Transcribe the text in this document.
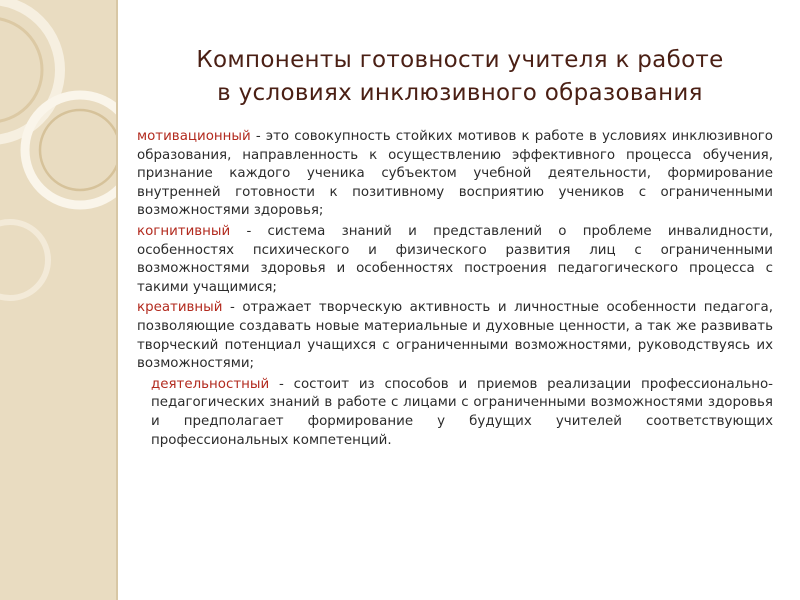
Компоненты готовности учителя к работе
в условиях инклюзивного образования

мотивационный - это совокупность стойких мотивов к работе в условиях инклюзивного образования, направленность к осуществлению эффективного процесса обучения, признание каждого ученика субъектом учебной деятельности, формирование внутренней готовности к позитивному восприятию учеников с ограниченными возможностями здоровья;

когнитивный - система знаний и представлений о проблеме инвалидности, особенностях психического и физического развития лиц с ограниченными возможностями здоровья и особенностях построения педагогического процесса с такими учащимися;

креативный - отражает творческую активность и личностные особенности педагога, позволяющие создавать новые материальные и духовные ценности, а так же развивать творческий потенциал учащихся с ограниченными возможностями, руководствуясь их возможностями;

деятельностный - состоит из способов и приемов реализации профессионально-педагогических знаний в работе с лицами с ограниченными возможностями здоровья и предполагает формирование у будущих учителей соответствующих профессиональных компетенций.
